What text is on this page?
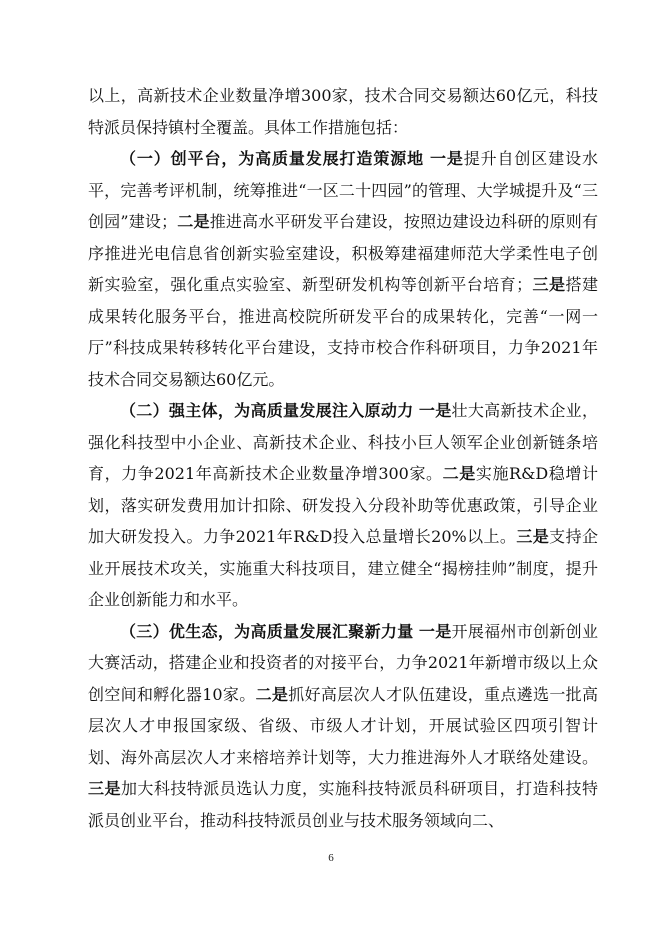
以上，高新技术企业数量净增300家，技术合同交易额达60亿元，科技特派员保持镇村全覆盖。具体工作措施包括：

（一）创平台，为高质量发展打造策源地 一是提升自创区建设水平，完善考评机制，统筹推进“一区二十四园”的管理、大学城提升及“三创园”建设；二是推进高水平研发平台建设，按照边建设边科研的原则有序推进光电信息省创新实验室建设，积极筹建福建师范大学柔性电子创新实验室，强化重点实验室、新型研发机构等创新平台培育；三是搭建成果转化服务平台，推进高校院所研发平台的成果转化，完善“一网一厅”科技成果转移转化平台建设，支持市校合作科研项目，力争2021年技术合同交易额达60亿元。

（二）强主体，为高质量发展注入原动力 一是壮大高新技术企业，强化科技型中小企业、高新技术企业、科技小巨人领军企业创新链条培育，力争2021年高新技术企业数量净增300家。二是实施R&D稳增计划，落实研发费用加计扣除、研发投入分段补助等优惠政策，引导企业加大研发投入。力争2021年R&D投入总量增长20%以上。三是支持企业开展技术攻关，实施重大科技项目，建立健全“揭榜挂帅”制度，提升企业创新能力和水平。

（三）优生态，为高质量发展汇聚新力量 一是开展福州市创新创业大赛活动，搭建企业和投资者的对接平台，力争2021年新增市级以上众创空间和孵化器10家。二是抓好高层次人才队伍建设，重点遴选一批高层次人才申报国家级、省级、市级人才计划，开展试验区四项引智计划、海外高层次人才来榕培养计划等，大力推进海外人才联络处建设。三是加大科技特派员选认力度，实施科技特派员科研项目，打造科技特派员创业平台，推动科技特派员创业与技术服务领域向二、

6
